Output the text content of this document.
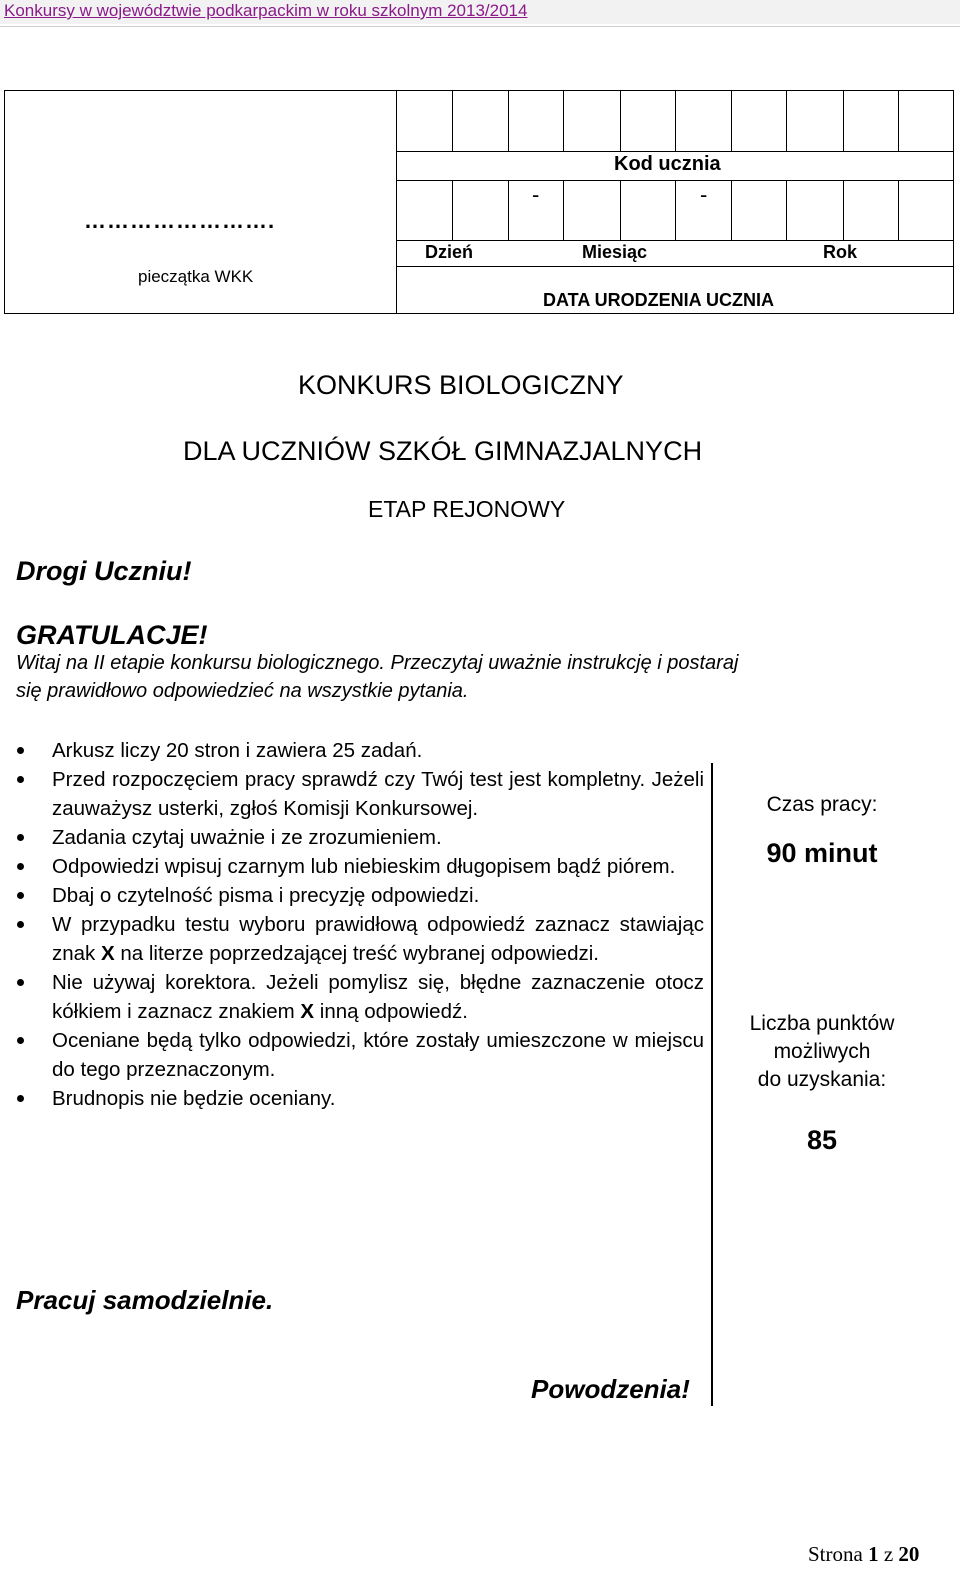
Konkursy w województwie podkarpackim w roku szkolnym 2013/2014
…………………….
pieczątka WKK
Kod ucznia
-	-
Dzień	Miesiąc	Rok
DATA URODZENIA UCZNIA
KONKURS BIOLOGICZNY
DLA UCZNIÓW SZKÓŁ GIMNAZJALNYCH
ETAP REJONOWY
Drogi Uczniu!
GRATULACJE!
Witaj na II etapie konkursu biologicznego. Przeczytaj uważnie instrukcję i postaraj
się prawidłowo odpowiedzieć na wszystkie pytania.
Arkusz liczy 20 stron i zawiera 25 zadań.
Przed rozpoczęciem pracy sprawdź czy Twój test jest kompletny. Jeżeli zauważysz usterki, zgłoś Komisji Konkursowej.
Zadania czytaj uważnie i ze zrozumieniem.
Odpowiedzi wpisuj czarnym lub niebieskim długopisem bądź piórem.
Dbaj o czytelność pisma i precyzję odpowiedzi.
W przypadku testu wyboru prawidłową odpowiedź zaznacz stawiając znak X na literze poprzedzającej treść wybranej odpowiedzi.
Nie używaj korektora. Jeżeli pomylisz się, błędne zaznaczenie otocz kółkiem i zaznacz znakiem X inną odpowiedź.
Oceniane będą tylko odpowiedzi, które zostały umieszczone w miejscu do tego przeznaczonym.
Brudnopis nie będzie oceniany.
Czas pracy:
90 minut
Liczba punktów
możliwych
do uzyskania:
85
Pracuj samodzielnie.
Powodzenia!
Strona 1 z 20
